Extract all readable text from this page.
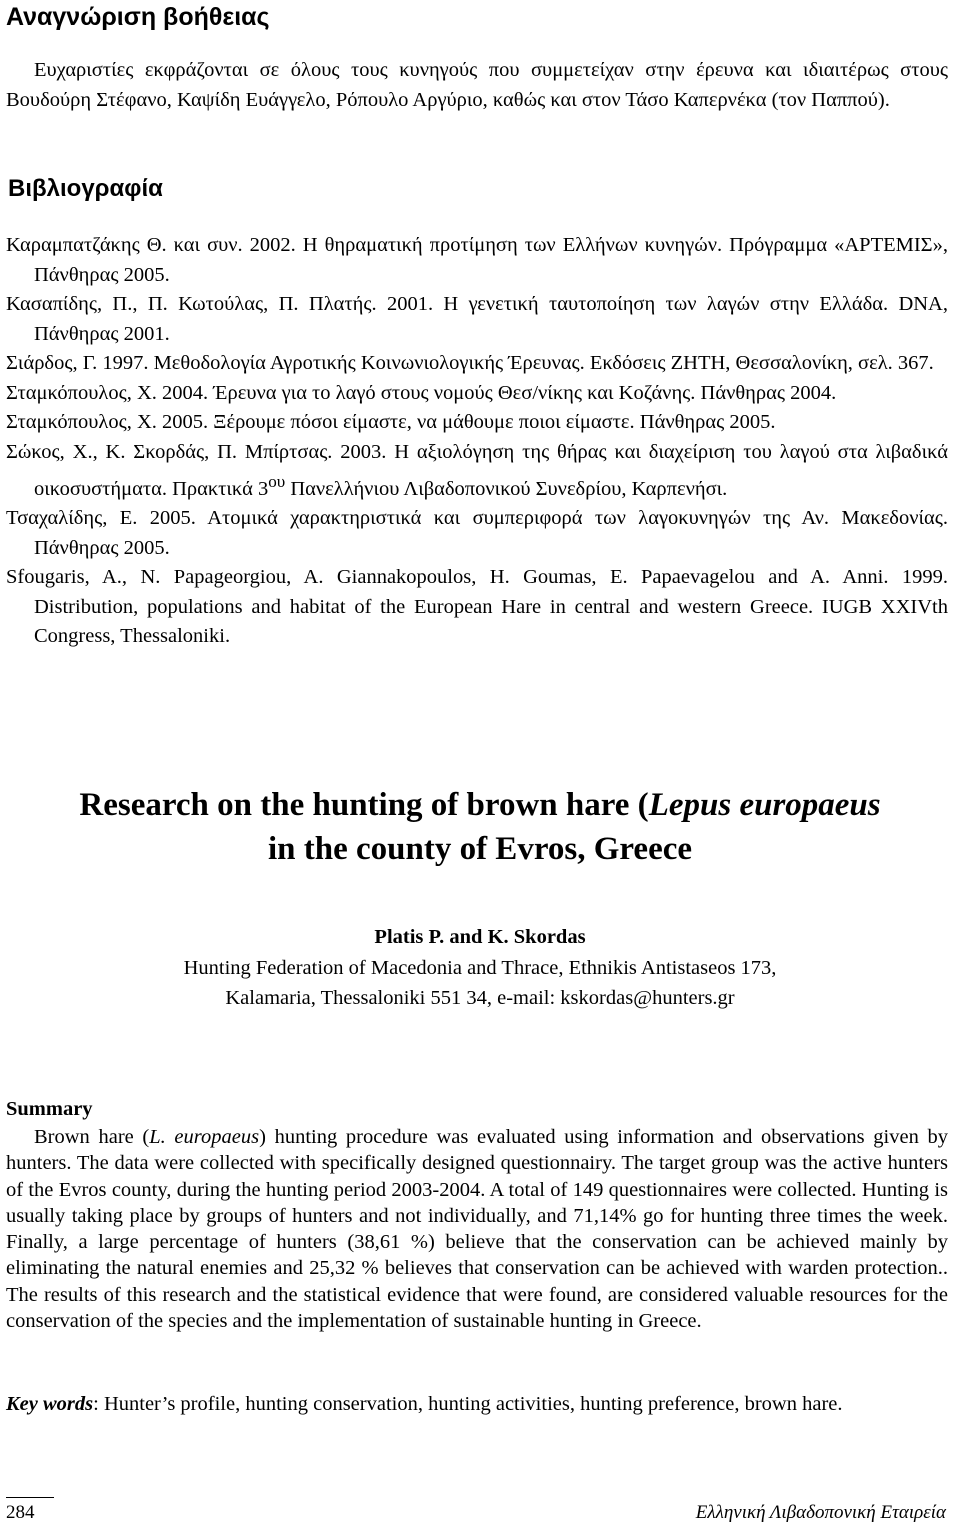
Αναγνώριση βοήθειας

Ευχαριστίες εκφράζονται σε όλους τους κυνηγούς που συμμετείχαν στην έρευνα και ιδιαιτέρως στους Βουδούρη Στέφανο, Καψίδη Ευάγγελο, Ρόπουλο Αργύριο, καθώς και στον Τάσο Καπερνέκα (τον Παππού).

Βιβλιογραφία

Καραμπατζάκης Θ. και συν. 2002. Η θηραματική προτίμηση των Ελλήνων κυνηγών. Πρόγραμμα «ΑΡΤΕΜΙΣ», Πάνθηρας 2005.

Κασαπίδης, Π., Π. Κωτούλας, Π. Πλατής. 2001. Η γενετική ταυτοποίηση των λαγών στην Ελλάδα. DNA, Πάνθηρας 2001.

Σιάρδος, Γ. 1997. Μεθοδολογία Αγροτικής Κοινωνιολογικής Έρευνας. Εκδόσεις ΖΗΤΗ, Θεσσαλονίκη, σελ. 367.

Σταμκόπουλος, Χ. 2004. Έρευνα για το λαγό στους νομούς Θεσ/νίκης και Κοζάνης. Πάνθηρας 2004.

Σταμκόπουλος, Χ. 2005. Ξέρουμε πόσοι είμαστε, να μάθουμε ποιοι είμαστε. Πάνθηρας 2005.

Σώκος, Χ., Κ. Σκορδάς, Π. Μπίρτσας. 2003. Η αξιολόγηση της θήρας και διαχείριση του λαγού στα λιβαδικά οικοσυστήματα. Πρακτικά $3^{o\upsilon}$ Πανελλήνιου Λιβαδοπονικού Συνεδρίου, Καρπενήσι.

Τσαχαλίδης, Ε. 2005. Ατομικά χαρακτηριστικά και συμπεριφορά των λαγοκυνηγών της Αν. Μακεδονίας. Πάνθηρας 2005.

Sfougaris, A., N. Papageorgiou, A. Giannakopoulos, H. Goumas, E. Papaevagelou and A. Anni. 1999. Distribution, populations and habitat of the European Hare in central and western Greece. IUGB XXIVth Congress, Thessaloniki.

Research on the hunting of brown hare (Lepus europaeus
in the county of Evros, Greece

Platis P. and K. Skordas

Hunting Federation of Macedonia and Thrace, Ethnikis Antistaseos 173,
Kalamaria, Thessaloniki 551 34, e-mail: kskordas@hunters.gr

Summary

Brown hare (L. europaeus) hunting procedure was evaluated using information and observations given by hunters. The data were collected with specifically designed questionnairy. The target group was the active hunters of the Evros county, during the hunting period 2003-2004. A total of 149 questionnaires were collected. Hunting is usually taking place by groups of hunters and not individually, and 71,14% go for hunting three times the week. Finally, a large percentage of hunters (38,61 %) believe that the conservation can be achieved mainly by eliminating the natural enemies and 25,32 % believes that conservation can be achieved with warden protection.. The results of this research and the statistical evidence that were found, are considered valuable resources for the conservation of the species and the implementation of sustainable hunting in Greece.

Key words: Hunter’s profile, hunting conservation, hunting activities, hunting preference, brown hare.

284	Ελληνική Λιβαδοπονική Εταιρεία
